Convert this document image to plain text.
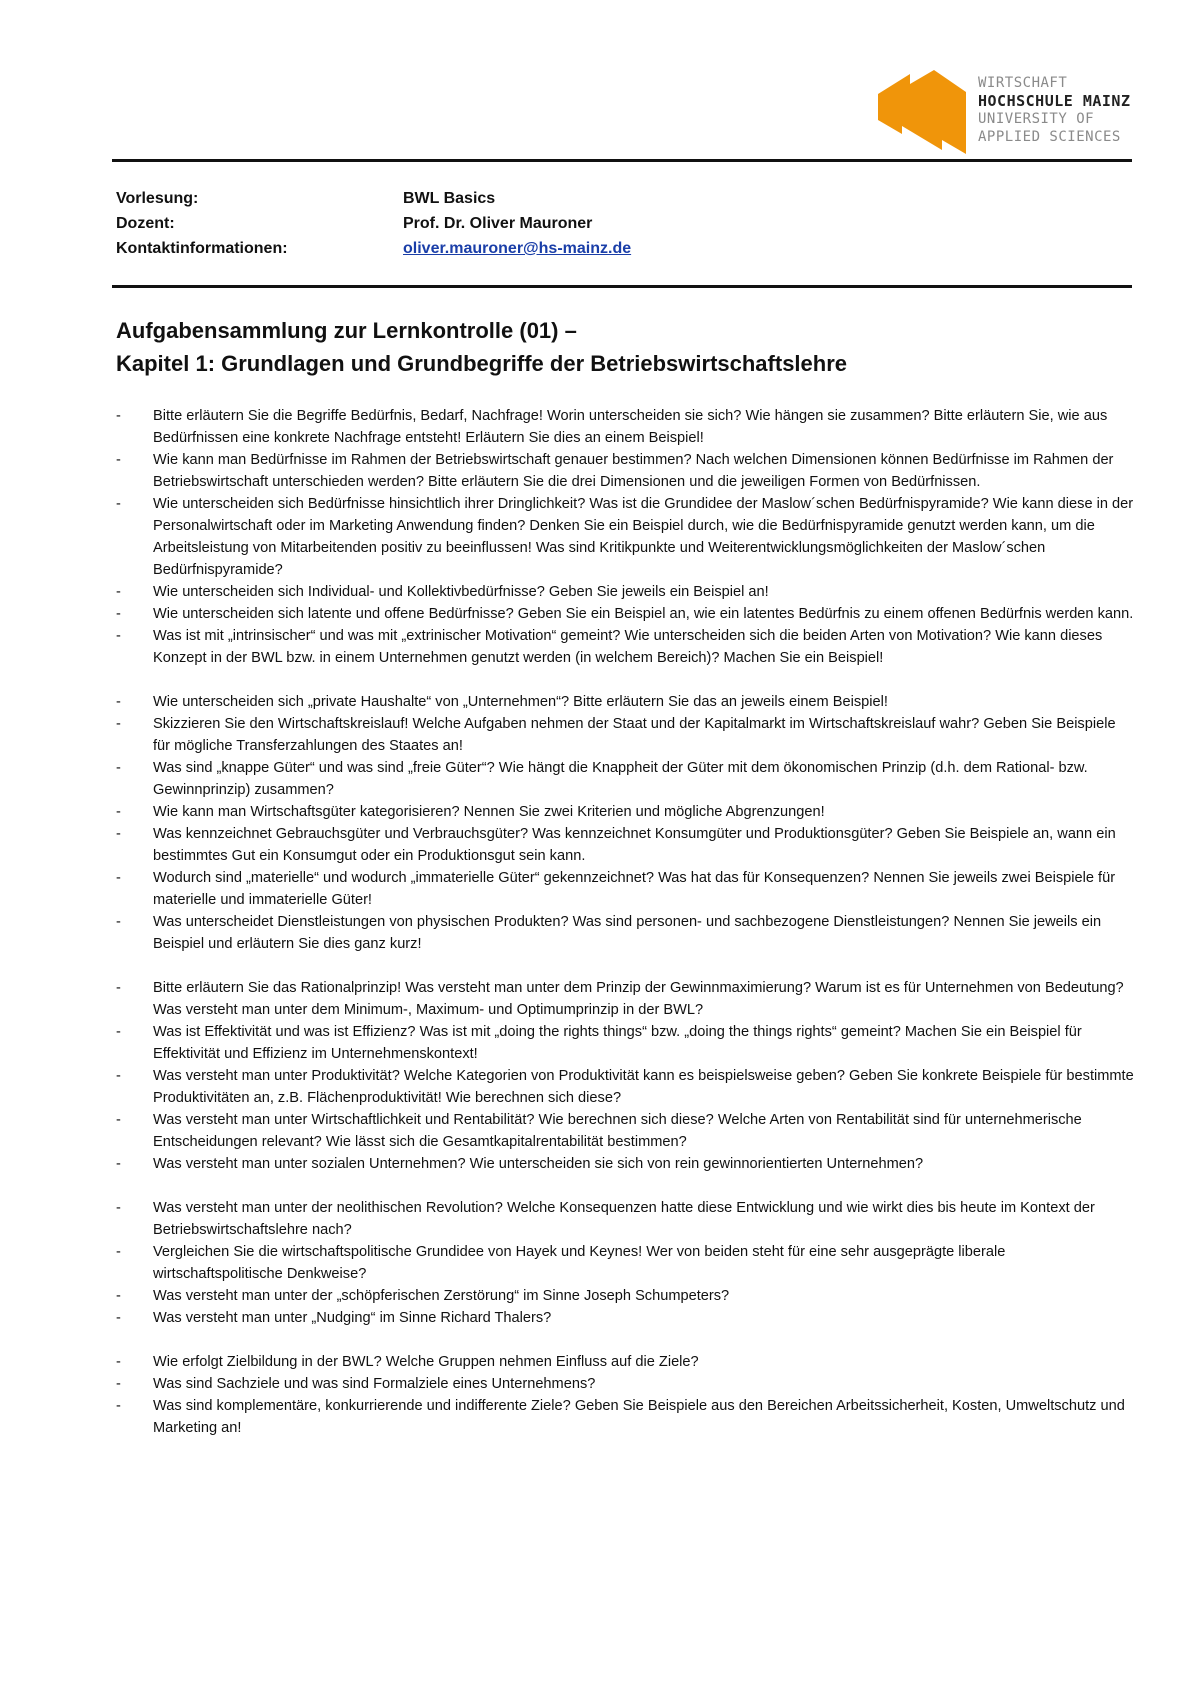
WIRTSCHAFT
HOCHSCHULE MAINZ
UNIVERSITY OF
APPLIED SCIENCES
Vorlesung:	BWL Basics
Dozent:	Prof. Dr. Oliver Mauroner
Kontaktinformationen:	oliver.mauroner@hs-mainz.de
Aufgabensammlung zur Lernkontrolle (01) –
Kapitel 1: Grundlagen und Grundbegriffe der Betriebswirtschaftslehre
- Bitte erläutern Sie die Begriffe Bedürfnis, Bedarf, Nachfrage! Worin unterscheiden sie sich? Wie hängen sie zusammen? Bitte erläutern Sie, wie aus Bedürfnissen eine konkrete Nachfrage entsteht! Erläutern Sie dies an einem Beispiel!
- Wie kann man Bedürfnisse im Rahmen der Betriebswirtschaft genauer bestimmen? Nach welchen Dimensionen können Bedürfnisse im Rahmen der Betriebswirtschaft unterschieden werden? Bitte erläutern Sie die drei Dimensionen und die jeweiligen Formen von Bedürfnissen.
- Wie unterscheiden sich Bedürfnisse hinsichtlich ihrer Dringlichkeit? Was ist die Grundidee der Maslow´schen Bedürfnispyramide? Wie kann diese in der Personalwirtschaft oder im Marketing Anwendung finden? Denken Sie ein Beispiel durch, wie die Bedürfnispyramide genutzt werden kann, um die Arbeitsleistung von Mitarbeitenden positiv zu beeinflussen! Was sind Kritikpunkte und Weiterentwicklungsmöglichkeiten der Maslow´schen Bedürfnispyramide?
- Wie unterscheiden sich Individual- und Kollektivbedürfnisse? Geben Sie jeweils ein Beispiel an!
- Wie unterscheiden sich latente und offene Bedürfnisse? Geben Sie ein Beispiel an, wie ein latentes Bedürfnis zu einem offenen Bedürfnis werden kann.
- Was ist mit „intrinsischer“ und was mit „extrinischer Motivation“ gemeint? Wie unterscheiden sich die beiden Arten von Motivation? Wie kann dieses Konzept in der BWL bzw. in einem Unternehmen genutzt werden (in welchem Bereich)? Machen Sie ein Beispiel!
- Wie unterscheiden sich „private Haushalte“ von „Unternehmen“? Bitte erläutern Sie das an jeweils einem Beispiel!
- Skizzieren Sie den Wirtschaftskreislauf! Welche Aufgaben nehmen der Staat und der Kapitalmarkt im Wirtschaftskreislauf wahr? Geben Sie Beispiele für mögliche Transferzahlungen des Staates an!
- Was sind „knappe Güter“ und was sind „freie Güter“? Wie hängt die Knappheit der Güter mit dem ökonomischen Prinzip (d.h. dem Rational- bzw. Gewinnprinzip) zusammen?
- Wie kann man Wirtschaftsgüter kategorisieren? Nennen Sie zwei Kriterien und mögliche Abgrenzungen!
- Was kennzeichnet Gebrauchsgüter und Verbrauchsgüter? Was kennzeichnet Konsumgüter und Produktionsgüter? Geben Sie Beispiele an, wann ein bestimmtes Gut ein Konsumgut oder ein Produktionsgut sein kann.
- Wodurch sind „materielle“ und wodurch „immaterielle Güter“ gekennzeichnet? Was hat das für Konsequenzen? Nennen Sie jeweils zwei Beispiele für materielle und immaterielle Güter!
- Was unterscheidet Dienstleistungen von physischen Produkten? Was sind personen- und sachbezogene Dienstleistungen? Nennen Sie jeweils ein Beispiel und erläutern Sie dies ganz kurz!
- Bitte erläutern Sie das Rationalprinzip! Was versteht man unter dem Prinzip der Gewinnmaximierung? Warum ist es für Unternehmen von Bedeutung? Was versteht man unter dem Minimum-, Maximum- und Optimumprinzip in der BWL?
- Was ist Effektivität und was ist Effizienz? Was ist mit „doing the rights things“ bzw. „doing the things rights“ gemeint? Machen Sie ein Beispiel für Effektivität und Effizienz im Unternehmenskontext!
- Was versteht man unter Produktivität? Welche Kategorien von Produktivität kann es beispielsweise geben? Geben Sie konkrete Beispiele für bestimmte Produktivitäten an, z.B. Flächenproduktivität! Wie berechnen sich diese?
- Was versteht man unter Wirtschaftlichkeit und Rentabilität? Wie berechnen sich diese? Welche Arten von Rentabilität sind für unternehmerische Entscheidungen relevant? Wie lässt sich die Gesamtkapitalrentabilität bestimmen?
- Was versteht man unter sozialen Unternehmen? Wie unterscheiden sie sich von rein gewinnorientierten Unternehmen?
- Was versteht man unter der neolithischen Revolution? Welche Konsequenzen hatte diese Entwicklung und wie wirkt dies bis heute im Kontext der Betriebswirtschaftslehre nach?
- Vergleichen Sie die wirtschaftspolitische Grundidee von Hayek und Keynes! Wer von beiden steht für eine sehr ausgeprägte liberale wirtschaftspolitische Denkweise?
- Was versteht man unter der „schöpferischen Zerstörung“ im Sinne Joseph Schumpeters?
- Was versteht man unter „Nudging“ im Sinne Richard Thalers?
- Wie erfolgt Zielbildung in der BWL? Welche Gruppen nehmen Einfluss auf die Ziele?
- Was sind Sachziele und was sind Formalziele eines Unternehmens?
- Was sind komplementäre, konkurrierende und indifferente Ziele? Geben Sie Beispiele aus den Bereichen Arbeitssicherheit, Kosten, Umweltschutz und Marketing an!
